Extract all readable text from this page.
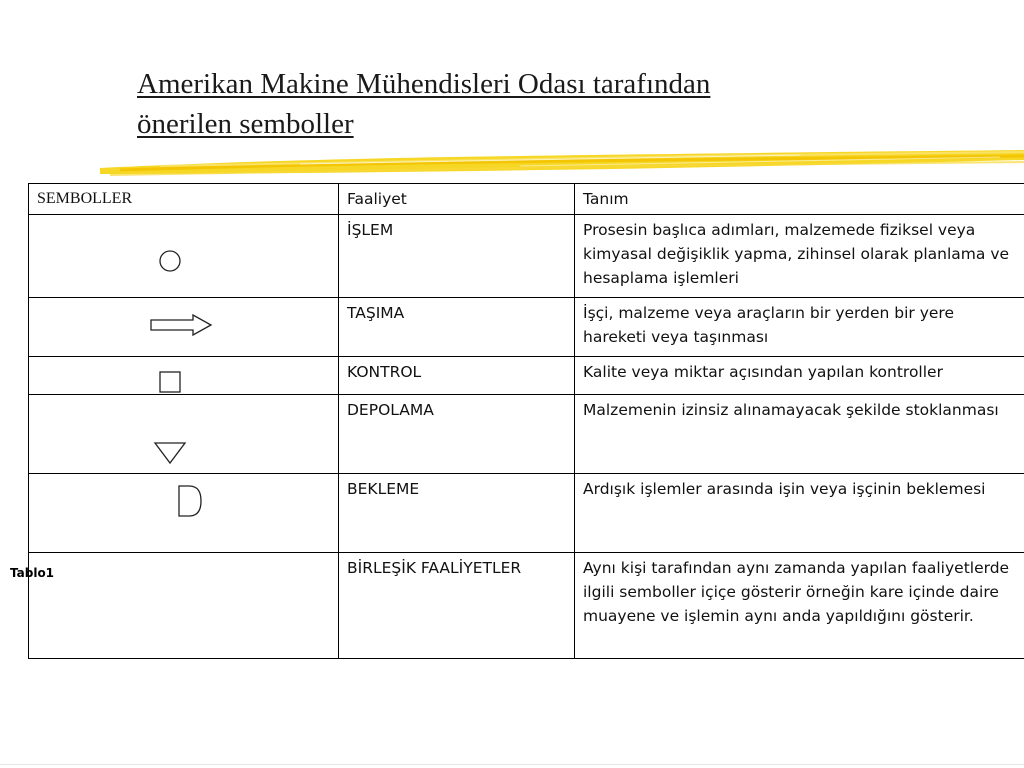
Amerikan Makine Mühendisleri Odası tarafından
önerilen semboller
SEMBOLLER	Faaliyet	Tanım

	İŞLEM	Prosesin başlıca adımları, malzemede fiziksel veya kimyasal değişiklik yapma, zihinsel olarak planlama ve hesaplama işlemleri

	TAŞIMA	İşçi, malzeme veya araçların bir yerden bir yere hareketi veya taşınması

	KONTROL	Kalite veya miktar açısından yapılan kontroller

	DEPOLAMA	Malzemenin izinsiz alınamayacak şekilde stoklanması

	BEKLEME	Ardışık işlemler arasında işin veya işçinin beklemesi
	BİRLEŞİK FAALİYETLER	Aynı kişi tarafından aynı zamanda yapılan faaliyetlerde ilgili semboller içiçe gösterir örneğin kare içinde daire muayene ve işlemin aynı anda yapıldığını gösterir.
Tablo1
